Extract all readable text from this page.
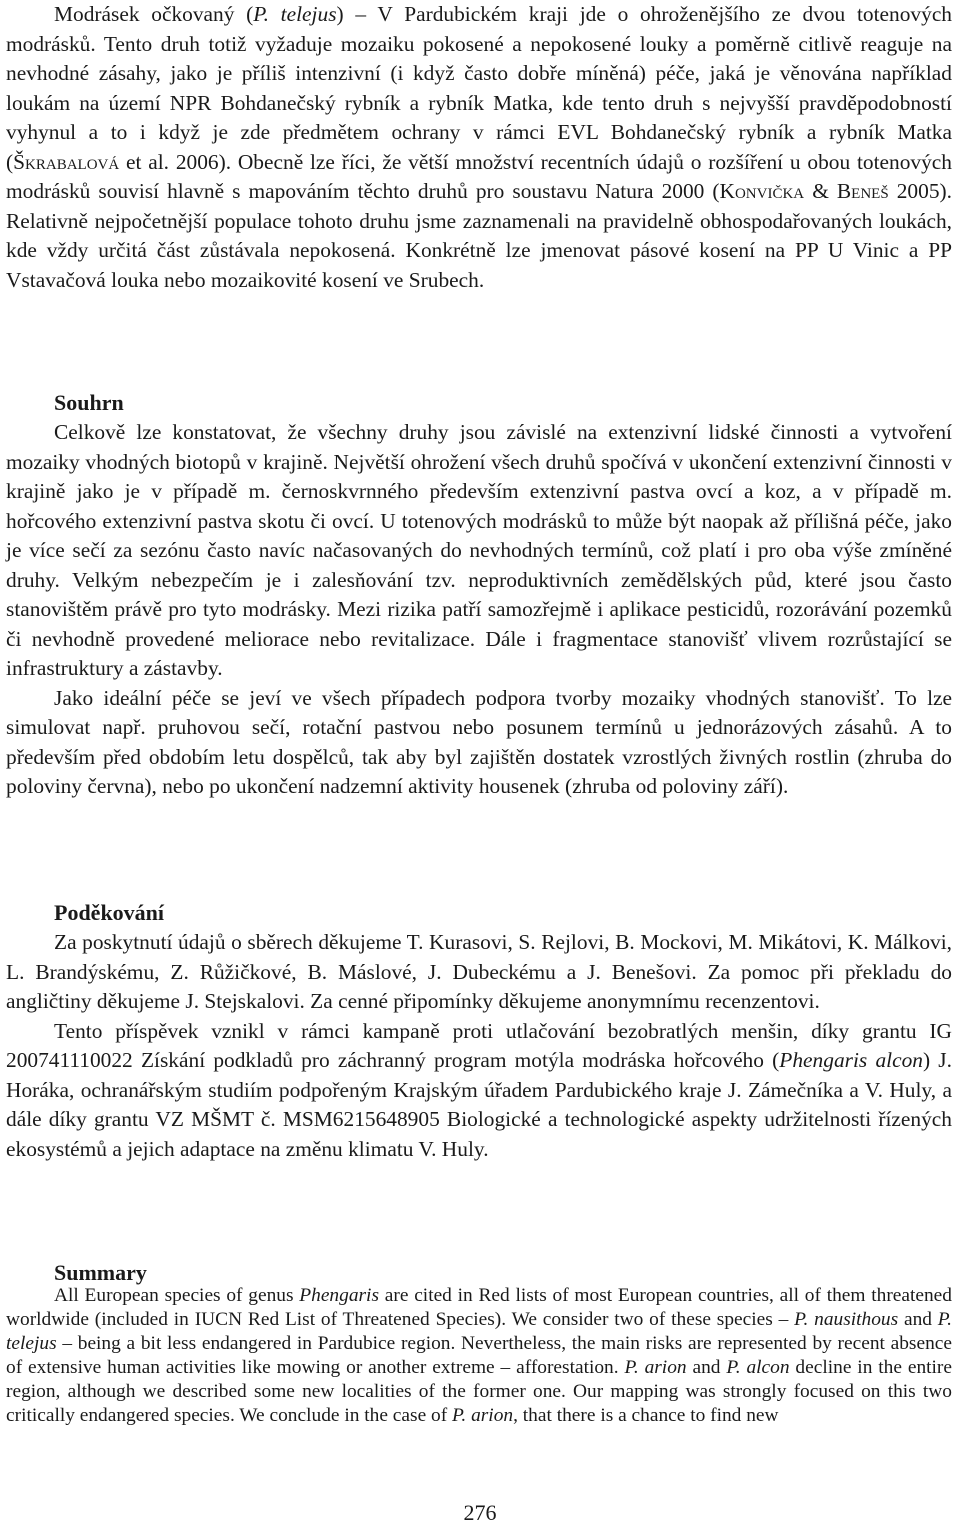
Modrásek očkovaný (P. telejus) – V Pardubickém kraji jde o ohroženějšího ze dvou totenových modrásků. Tento druh totiž vyžaduje mozaiku pokosené a nepokosené louky a poměrně citlivě reaguje na nevhodné zásahy, jako je příliš intenzivní (i když často dobře míněná) péče, jaká je věnována například loukám na území NPR Bohdanečský rybník a rybník Matka, kde tento druh s nejvyšší pravděpodobností vyhynul a to i když je zde předmětem ochrany v rámci EVL Bohdanečský rybník a rybník Matka (Škrabalová et al. 2006). Obecně lze říci, že větší množství recentních údajů o rozšíření u obou totenových modrásků souvisí hlavně s mapováním těchto druhů pro soustavu Natura 2000 (Konvička & Beneš 2005). Relativně nejpočetnější populace tohoto druhu jsme zaznamenali na pravidelně obhospodařovaných loukách, kde vždy určitá část zůstávala nepokosená. Konkrétně lze jmenovat pásové kosení na PP U Vinic a PP Vstavačová louka nebo mozaikovité kosení ve Srubech.

Souhrn

Celkově lze konstatovat, že všechny druhy jsou závislé na extenzivní lidské činnosti a vytvoření mozaiky vhodných biotopů v krajině. Největší ohrožení všech druhů spočívá v ukončení extenzivní činnosti v krajině jako je v případě m. černoskvrnného především extenzivní pastva ovcí a koz, a v případě m. hořcového extenzivní pastva skotu či ovcí. U totenových modrásků to může být naopak až přílišná péče, jako je více sečí za sezónu často navíc načasovaných do nevhodných termínů, což platí i pro oba výše zmíněné druhy. Velkým nebezpečím je i zalesňování tzv. neproduktivních zemědělských půd, které jsou často stanovištěm právě pro tyto modrásky. Mezi rizika patří samozřejmě i aplikace pesticidů, rozorávání pozemků či nevhodně provedené meliorace nebo revitalizace. Dále i fragmentace stanovišť vlivem rozrůstající se infrastruktury a zástavby.

Jako ideální péče se jeví ve všech případech podpora tvorby mozaiky vhodných stanovišť. To lze simulovat např. pruhovou sečí, rotační pastvou nebo posunem termínů u jednorázových zásahů. A to především před obdobím letu dospělců, tak aby byl zajištěn dostatek vzrostlých živných rostlin (zhruba do poloviny června), nebo po ukončení nadzemní aktivity housenek (zhruba od poloviny září).

Poděkování

Za poskytnutí údajů o sběrech děkujeme T. Kurasovi, S. Rejlovi, B. Mockovi, M. Mikátovi, K. Málkovi, L. Brandýskému, Z. Růžičkové, B. Máslové, J. Dubeckému a J. Benešovi. Za pomoc při překladu do angličtiny děkujeme J. Stejskalovi. Za cenné připomínky děkujeme anonymnímu recenzentovi.

Tento příspěvek vznikl v rámci kampaně proti utlačování bezobratlých menšin, díky grantu IG 200741110022 Získání podkladů pro záchranný program motýla modráska hořcového (Phengaris alcon) J. Horáka, ochranářským studiím podpořeným Krajským úřadem Pardubického kraje J. Zámečníka a V. Huly, a dále díky grantu VZ MŠMT č. MSM6215648905 Biologické a technologické aspekty udržitelnosti řízených ekosystémů a jejich adaptace na změnu klimatu V. Huly.

Summary

All European species of genus Phengaris are cited in Red lists of most European countries, all of them threatened worldwide (included in IUCN Red List of Threatened Species). We consider two of these species – P. nausithous and P. telejus – being a bit less endangered in Pardubice region. Nevertheless, the main risks are represented by recent absence of extensive human activities like mowing or another extreme – afforestation. P. arion and P. alcon decline in the entire region, although we described some new localities of the former one. Our mapping was strongly focused on this two critically endangered species. We conclude in the case of P. arion, that there is a chance to find new

276
